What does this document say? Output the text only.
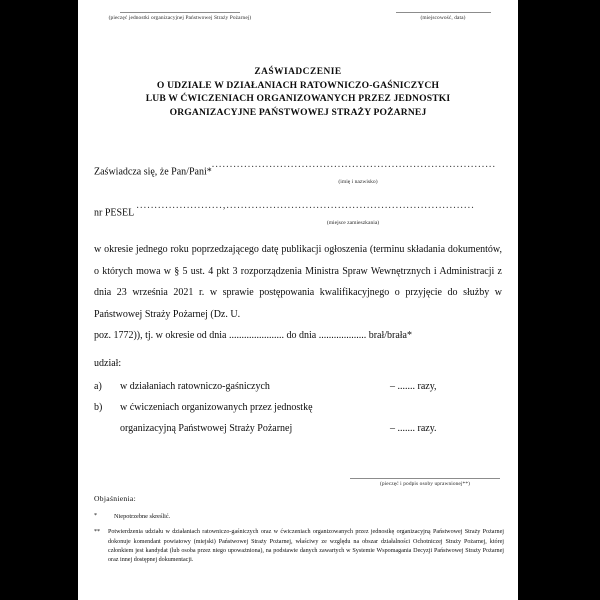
(pieczęć jednostki organizacyjnej Państwowej Straży Pożarnej)	(miejscowość, data)
ZAŚWIADCZENIE
O UDZIALE W DZIAŁANIACH RATOWNICZO-GAŚNICZYCH
LUB W ĆWICZENIACH ORGANIZOWANYCH PRZEZ JEDNOSTKI
ORGANIZACYJNE PAŃSTWOWEJ STRAŻY POŻARNEJ
Zaświadcza się, że Pan/Pani*...............................................................................
(imię i nazwisko)
nr PESEL ........................,.....................................................................
(miejsce zamieszkania)
w okresie jednego roku poprzedzającego datę publikacji ogłoszenia (terminu składania dokumentów, o których mowa w § 5 ust. 4 pkt 3 rozporządzenia Ministra Spraw Wewnętrznych i Administracji z dnia 23 września 2021 r. w sprawie postępowania kwalifikacyjnego o przyjęcie do służby w Państwowej Straży Pożarnej (Dz. U.
poz. 1772)), tj. w okresie od dnia ...................... do dnia ................... brał/brała*
udział:
a) w działaniach ratowniczo-gaśniczych	– ....... razy,
b) w ćwiczeniach organizowanych przez jednostkę
organizacyjną Państwowej Straży Pożarnej	– ....... razy.
(pieczęć i podpis osoby uprawnionej**)
Objaśnienia:
*	Niepotrzebne skreślić.
** Potwierdzenia udziału w działaniach ratowniczo-gaśniczych oraz w ćwiczeniach organizowanych przez jednostkę organizacyjną Państwowej Straży Pożarnej dokonuje komendant powiatowy (miejski) Państwowej Straży Pożarnej, właściwy ze względu na obszar działalności Ochotniczej Straży Pożarnej, której członkiem jest kandydat (lub osoba przez niego upoważniona), na podstawie danych zawartych w Systemie Wspomagania Decyzji Państwowej Straży Pożarnej oraz innej dostępnej dokumentacji.
